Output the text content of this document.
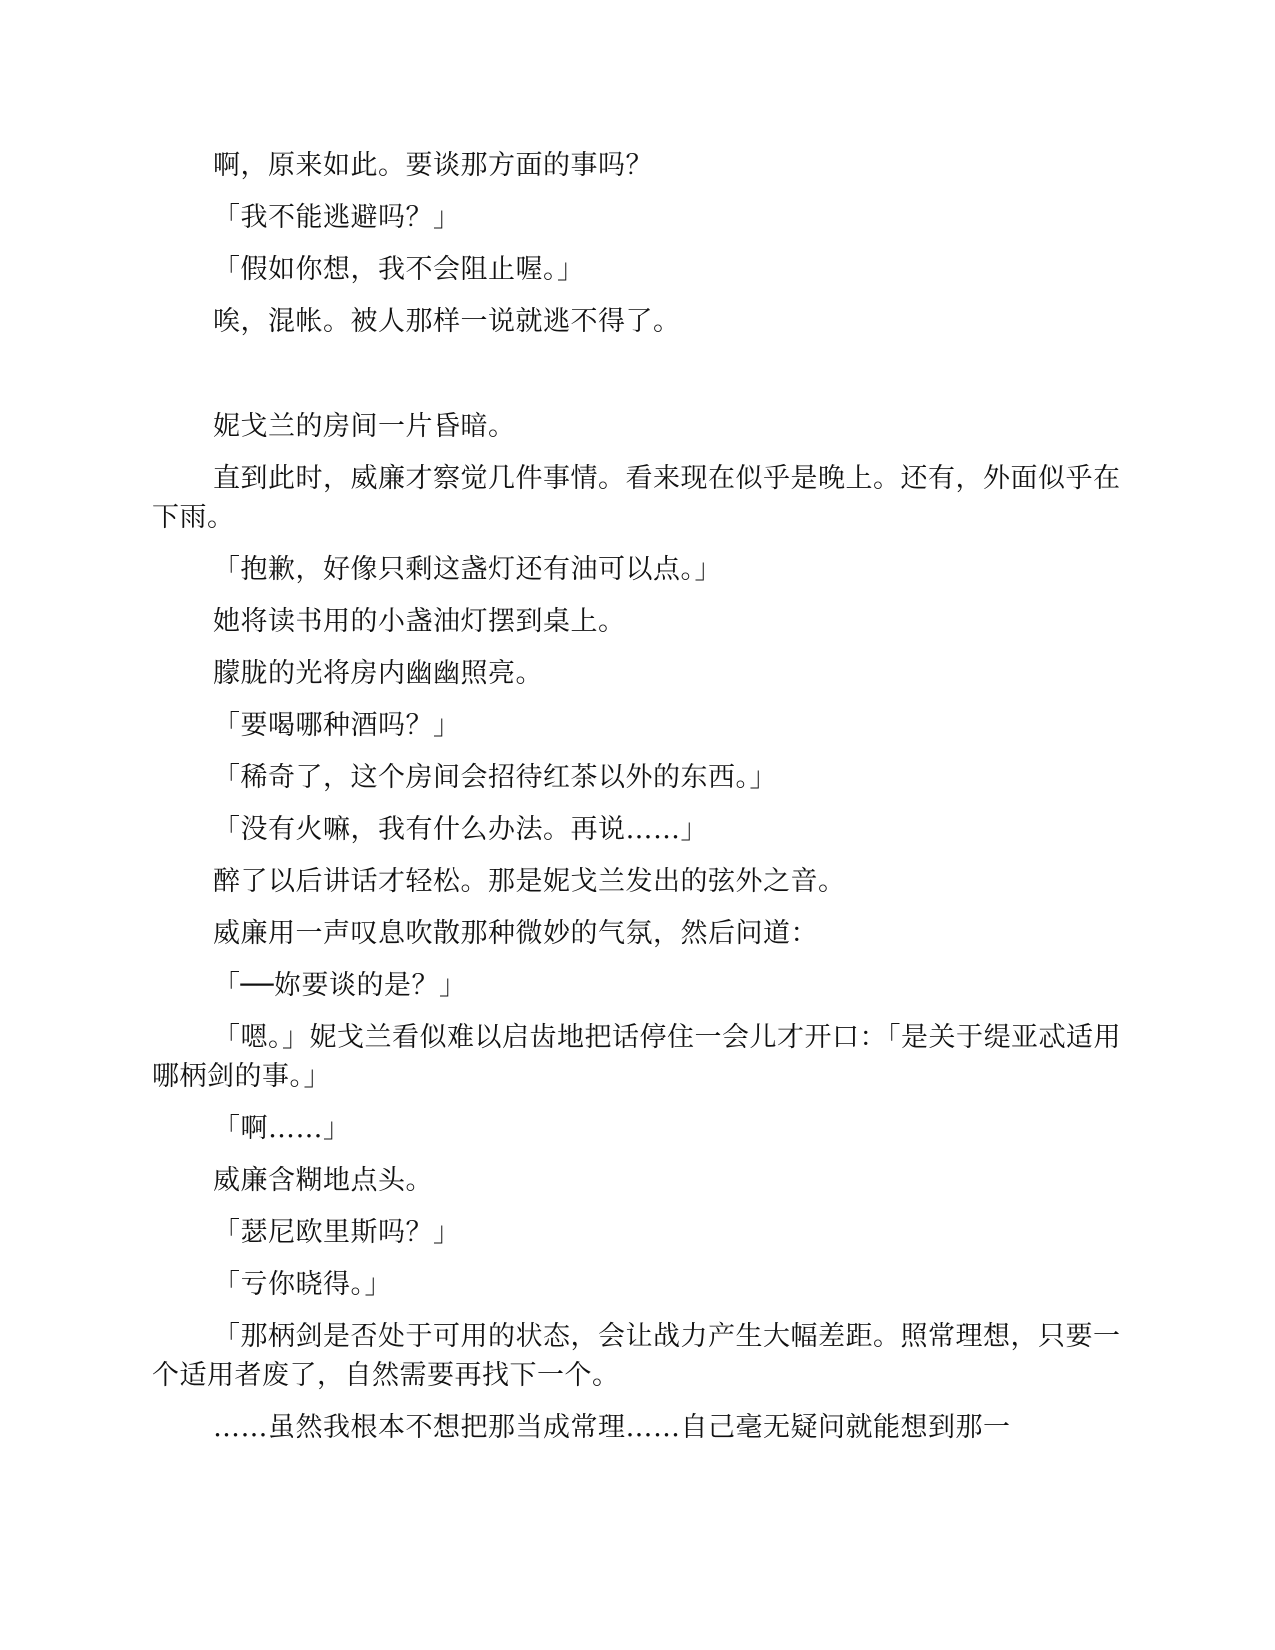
啊，原来如此。要谈那方面的事吗？

「我不能逃避吗？」

「假如你想，我不会阻止喔。」

唉，混帐。被人那样一说就逃不得了。

妮戈兰的房间一片昏暗。

直到此时，威廉才察觉几件事情。看来现在似乎是晚上。还有，外面似乎在下雨。

「抱歉，好像只剩这盏灯还有油可以点。」

她将读书用的小盏油灯摆到桌上。

朦胧的光将房内幽幽照亮。

「要喝哪种酒吗？」

「稀奇了，这个房间会招待红茶以外的东西。」

「没有火嘛，我有什么办法。再说……」

醉了以后讲话才轻松。那是妮戈兰发出的弦外之音。

威廉用一声叹息吹散那种微妙的气氛，然后问道：

「──妳要谈的是？」

「嗯。」妮戈兰看似难以启齿地把话停住一会儿才开口：「是关于缇亚忒适用哪柄剑的事。」

「啊……」

威廉含糊地点头。

「瑟尼欧里斯吗？」

「亏你晓得。」

「那柄剑是否处于可用的状态，会让战力产生大幅差距。照常理想，只要一个适用者废了，自然需要再找下一个。

……虽然我根本不想把那当成常理……自己毫无疑问就能想到那一
